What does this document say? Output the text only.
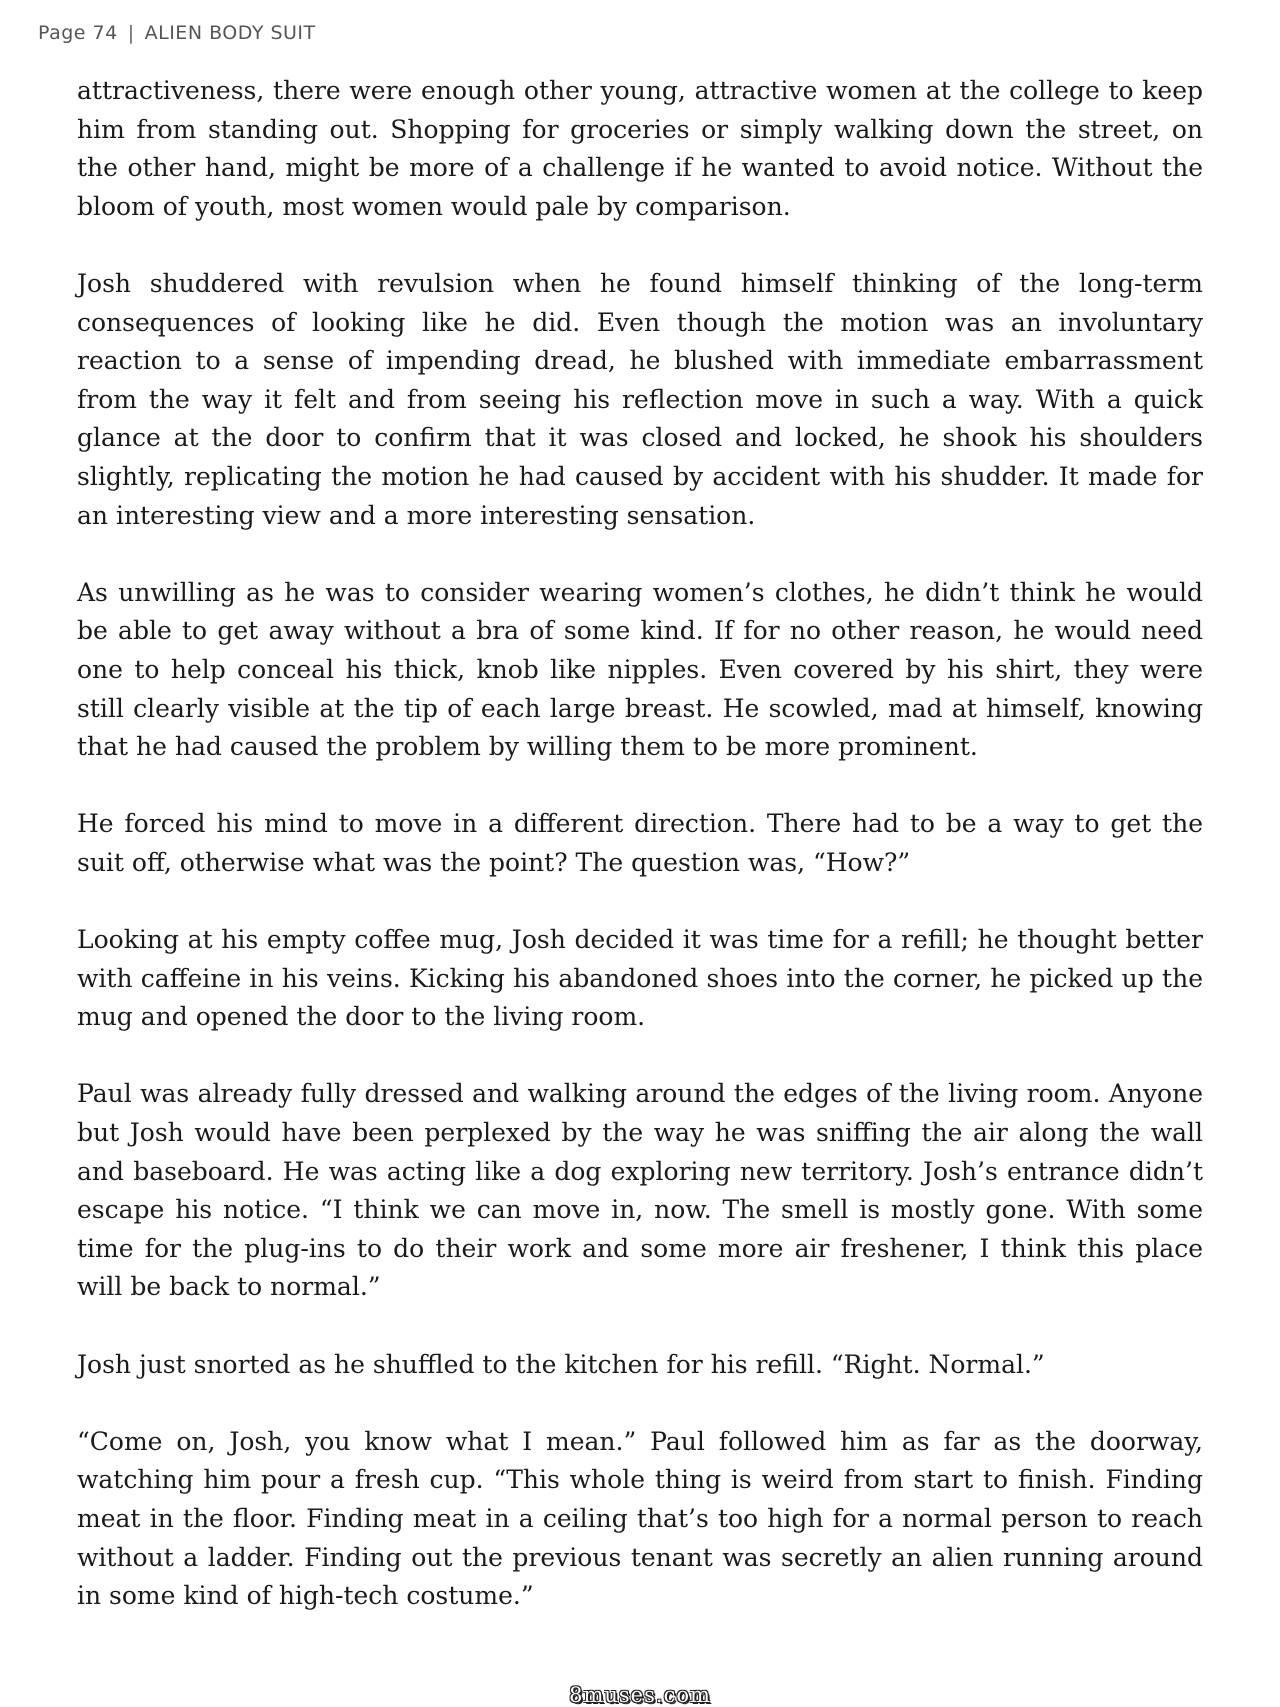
Page 74 | ALIEN BODY SUIT

attractiveness, there were enough other young, attractive women at the college to keep him from standing out. Shopping for groceries or simply walking down the street, on the other hand, might be more of a challenge if he wanted to avoid notice. Without the bloom of youth, most women would pale by comparison.

Josh shuddered with revulsion when he found himself thinking of the long-term consequences of looking like he did. Even though the motion was an involuntary reaction to a sense of impending dread, he blushed with immediate embarrassment from the way it felt and from seeing his reflection move in such a way. With a quick glance at the door to confirm that it was closed and locked, he shook his shoulders slightly, replicating the motion he had caused by accident with his shudder. It made for an interesting view and a more interesting sensation.

As unwilling as he was to consider wearing women’s clothes, he didn’t think he would be able to get away without a bra of some kind. If for no other reason, he would need one to help conceal his thick, knob like nipples. Even covered by his shirt, they were still clearly visible at the tip of each large breast. He scowled, mad at himself, knowing that he had caused the problem by willing them to be more prominent.

He forced his mind to move in a different direction. There had to be a way to get the suit off, otherwise what was the point? The question was, “How?”

Looking at his empty coffee mug, Josh decided it was time for a refill; he thought better with caffeine in his veins. Kicking his abandoned shoes into the corner, he picked up the mug and opened the door to the living room.

Paul was already fully dressed and walking around the edges of the living room. Anyone but Josh would have been perplexed by the way he was sniffing the air along the wall and baseboard. He was acting like a dog exploring new territory. Josh’s entrance didn’t escape his notice. “I think we can move in, now. The smell is mostly gone. With some time for the plug-ins to do their work and some more air freshener, I think this place will be back to normal.”

Josh just snorted as he shuffled to the kitchen for his refill. “Right. Normal.”

“Come on, Josh, you know what I mean.” Paul followed him as far as the doorway, watching him pour a fresh cup. “This whole thing is weird from start to finish. Finding meat in the floor. Finding meat in a ceiling that’s too high for a normal person to reach without a ladder. Finding out the previous tenant was secretly an alien running around in some kind of high-tech costume.”

8muses.com
